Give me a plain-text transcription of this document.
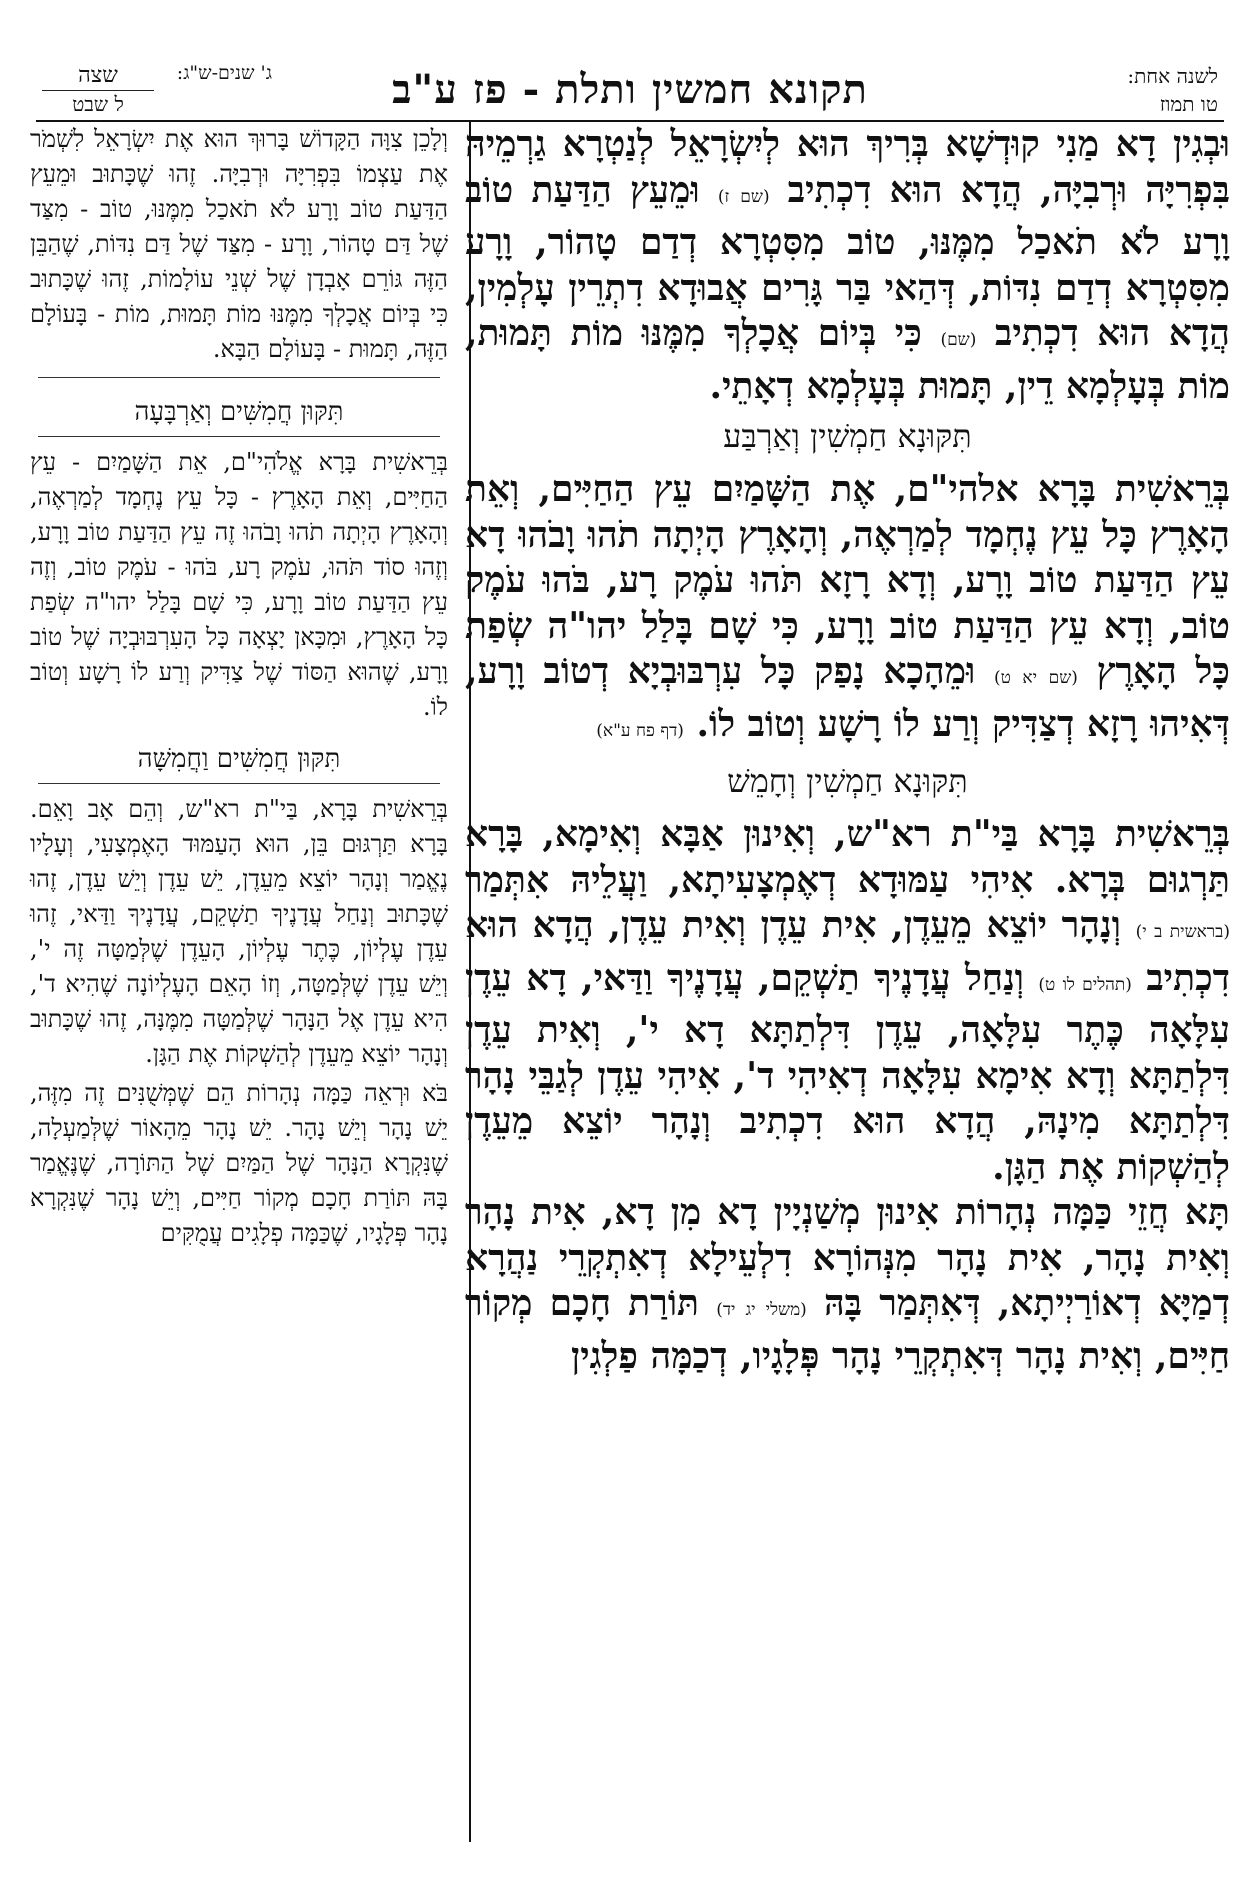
לשנה אחת:
טו תמוז
תקונא חמשין ותלת - פז ע"ב
ג' שנים-ש"ג:
שצה
ל שבט

וּבְגִין דָא מַנִי קוּדְשָׁא בְּרִיךְ הוּא לְיִשְׂרָאֵל לְנַטְרָא גַרְמֵיהּ בִּפְרִיָּה וּרְבִיָּה, הֲדָא הוּא דִכְתִיב (שם ז) וּמֵעֵץ הַדַּעַת טוֹב וָרָע לֹא תֹאכַל מִמֶּנּוּ, טוֹב מִסִּטְרָא דְדַם טָהוֹר, וָרָע מִסִּטְרָא דְדַם נִדּוֹת, דְּהַאי בַּר גָּרִים אֲבוּדָא דִתְרֵין עָלְמִין, הֲדָא הוּא דִכְתִיב (שם) כִּי בְּיוֹם אֲכָלְךָ מִמֶּנּוּ מוֹת תָּמוּת, מוֹת בְּעָלְמָא דֵין, תָּמוּת בְּעָלְמָא דְאָתֵי.

תִּקּוּנָא חַמְשִׁין וְאַרְבַּע

בְּרֵאשִׁית בָּרָא אלהי"ם, אֶת הַשָּׁמַיִם עֵץ הַחַיִּים, וְאֵת הָאָרֶץ כָּל עֵץ נֶחְמָד לְמַרְאֶה, וְהָאָרֶץ הָיְתָה תֹהוּ וָבֹהוּ דָא עֵץ הַדַּעַת טוֹב וָרָע, וְדָא רָזָא תֹּהוּ עֹמֶק רָע, בֹּהוּ עֹמֶק טוֹב, וְדָא עֵץ הַדַּעַת טוֹב וָרָע, כִּי שָׁם בָּלַל יהו"ה שְׂפַת כָּל הָאָרֶץ (שם יא ט) וּמֵהָכָא נָפַק כָּל עִרְבּוּבְיָא דְטוֹב וָרָע, דְּאִיהוּ רָזָא דְצַדִּיק וְרַע לוֹ רָשָׁע וְטוֹב לוֹ. (דף פח ע"א)

תִּקּוּנָא חַמְשִׁין וְחָמֵשׁ

בְּרֵאשִׁית בָּרָא בַּי"ת רא"ש, וְאִינוּן אַבָּא וְאִימָא, בָּרָא תַּרְגוּם בְּרָא. אִיהִי עַמּוּדָא דְאֶמְצָעִיתָא, וַעֲלֵיהּ אִתְּמַר (בראשית ב י) וְנָהָר יוֹצֵא מֵעֵדֶן, אִית עֵדֶן וְאִית עֵדֶן, הֲדָא הוּא דִכְתִיב (תהלים לו ט) וְנַחַל עֲדָנֶיךָ תַשְׁקֵם, עֲדָנֶיךָ וַדַּאי, דָא עֵדֶן עִלָּאָה כֶּתֶר עִלָּאָה, עֵדֶן דִּלְתַתָּא דָא י', וְאִית עֵדֶן דִּלְתַתָּא וְדָא אִימָא עִלָּאָה דְאִיהִי ד', אִיהִי עֵדֶן לְגַבֵּי נָהָר דִּלְתַתָּא מִינָהּ, הֲדָא הוּא דִכְתִיב וְנָהָר יוֹצֵא מֵעֵדֶן לְהַשְׁקוֹת אֶת הַגָּן.

תָּא חֲזֵי כַּמָּה נְהָרוֹת אִינוּן מְשַׁנְיָין דָא מִן דָא, אִית נָהָר וְאִית נָהָר, אִית נָהָר מִנְּהוֹרָא דִלְעֵילָא דְאִתְקְרֵי נַהֲרָא דְמַיָּא דְאוֹרַיְיתָא, דְּאִתְּמַר בָּהּ (משלי יג יד) תּוֹרַת חָכָם מְקוֹר חַיִּים, וְאִית נָהָר דְּאִתְקְרֵי נָהָר פְּלָגָיו, דְכַמָּה פַלְגִין

וְלָכֵן צִוָּה הַקָּדוֹשׁ בָּרוּךְ הוּא אֶת יִשְׂרָאֵל לִשְׁמֹר אֶת עַצְמוֹ בִּפְרִיָּה וּרְבִיָּה. זֶהוּ שֶׁכָּתוּב וּמֵעֵץ הַדַּעַת טוֹב וָרָע לֹא תֹאכַל מִמֶּנּוּ, טוֹב - מִצַּד שֶׁל דַּם טָהוֹר, וָרָע - מִצַּד שֶׁל דַּם נִדּוֹת, שֶׁהַבֵּן הַזֶּה גּוֹרֵם אָבְדָן שֶׁל שְׁנֵי עוֹלָמוֹת, זֶהוּ שֶׁכָּתוּב כִּי בְּיוֹם אֲכָלְךָ מִמֶּנּוּ מוֹת תָּמוּת, מוֹת - בָּעוֹלָם הַזֶּה, תָּמוּת - בָּעוֹלָם הַבָּא.

תִּקּוּן חֲמִשִּׁים וְאַרְבָּעָה

בְּרֵאשִׁית בָּרָא אֱלֹהִי"ם, אֵת הַשָּׁמַיִם - עֵץ הַחַיִּים, וְאֵת הָאָרֶץ - כָּל עֵץ נֶחְמָד לְמַרְאֶה, וְהָאָרֶץ הָיְתָה תֹהוּ וָבֹהוּ זֶה עֵץ הַדַּעַת טוֹב וָרָע, וְזֶהוּ סוֹד תֹּהוּ, עֹמֶק רָע, בֹּהוּ - עֹמֶק טוֹב, וְזֶה עֵץ הַדַּעַת טוֹב וָרָע, כִּי שָׁם בָּלַל יהו"ה שְׂפַת כָּל הָאָרֶץ, וּמִכָּאן יָצְאָה כָּל הָעִרְבּוּבְיָה שֶׁל טוֹב וָרָע, שֶׁהוּא הַסּוֹד שֶׁל צַדִּיק וְרַע לוֹ רָשָׁע וְטוֹב לוֹ.

תִּקּוּן חֲמִשִּׁים וַחֲמִשָּׁה

בְּרֵאשִׁית בָּרָא, בַּי"ת רא"ש, וְהֵם אָב וָאֵם. בָּרָא תַּרְגּוּם בֵּן, הוּא הָעַמּוּד הָאֶמְצָעִי, וְעָלָיו נֶאֱמַר וְנָהָר יוֹצֵא מֵעֵדֶן, יֵשׁ עֵדֶן וְיֵשׁ עֵדֶן, זֶהוּ שֶׁכָּתוּב וְנַחַל עֲדָנֶיךָ תַשְׁקֵם, עֲדָנֶיךָ וַדַּאי, זֶהוּ עֵדֶן עֶלְיוֹן, כֶּתֶר עֶלְיוֹן, הָעֵדֶן שֶׁלְּמַטָּה זֶה י', וְיֵשׁ עֵדֶן שֶׁלְּמַטָּה, וְזוֹ הָאֵם הָעֶלְיוֹנָה שֶׁהִיא ד', הִיא עֵדֶן אֶל הַנָּהָר שֶׁלְּמַטָּה מִמֶּנָּה, זֶהוּ שֶׁכָּתוּב וְנָהָר יוֹצֵא מֵעֵדֶן לְהַשְׁקוֹת אֶת הַגָּן.

בֹּא וּרְאֵה כַּמָּה נְהָרוֹת הֵם שֶׁמְּשֻׁנִּים זֶה מִזֶּה, יֵשׁ נָהָר וְיֵשׁ נָהָר. יֵשׁ נָהָר מֵהָאוֹר שֶׁלְּמַעְלָה, שֶׁנִּקְרָא הַנָּהָר שֶׁל הַמַּיִם שֶׁל הַתּוֹרָה, שֶׁנֶּאֱמַר בָּהּ תּוֹרַת חָכָם מְקוֹר חַיִּים, וְיֵשׁ נָהָר שֶׁנִּקְרָא נָהָר פְּלָגָיו, שֶׁכַּמָּה פְלָגִים עֲמֻקִּים
